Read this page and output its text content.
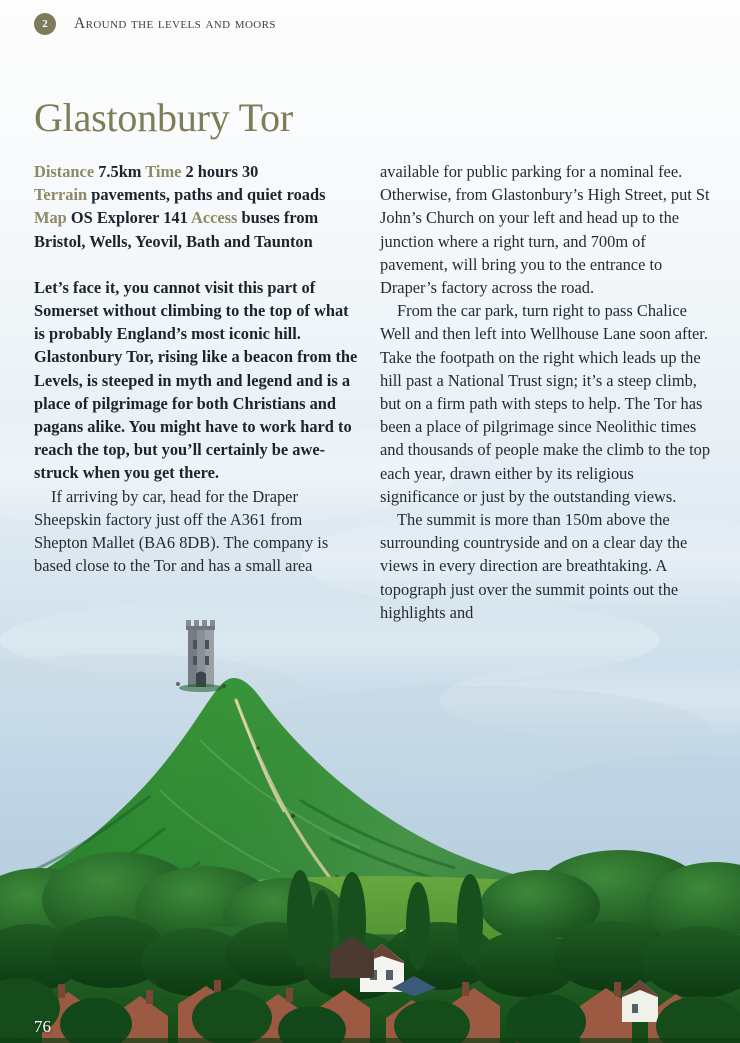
2	around the levels and moors
Glastonbury Tor

Distance 7.5km Time 2 hours 30
Terrain pavements, paths and quiet roads
Map OS Explorer 141 Access buses from Bristol, Wells, Yeovil, Bath and Taunton

Let’s face it, you cannot visit this part of Somerset without climbing to the top of what is probably England’s most iconic hill. Glastonbury Tor, rising like a beacon from the Levels, is steeped in myth and legend and is a place of pilgrimage for both Christians and pagans alike. You might have to work hard to reach the top, but you’ll certainly be awe-struck when you get there.

If arriving by car, head for the Draper Sheepskin factory just off the A361 from Shepton Mallet (BA6 8DB). The company is based close to the Tor and has a small area

available for public parking for a nominal fee. Otherwise, from Glastonbury’s High Street, put St John’s Church on your left and head up to the junction where a right turn, and 700m of pavement, will bring you to the entrance to Draper’s factory across the road.

From the car park, turn right to pass Chalice Well and then left into Wellhouse Lane soon after. Take the footpath on the right which leads up the hill past a National Trust sign; it’s a steep climb, but on a firm path with steps to help. The Tor has been a place of pilgrimage since Neolithic times and thousands of people make the climb to the top each year, drawn either by its religious significance or just by the outstanding views.

The summit is more than 150m above the surrounding countryside and on a clear day the views in every direction are breathtaking. A topograph just over the summit points out the highlights and

76
